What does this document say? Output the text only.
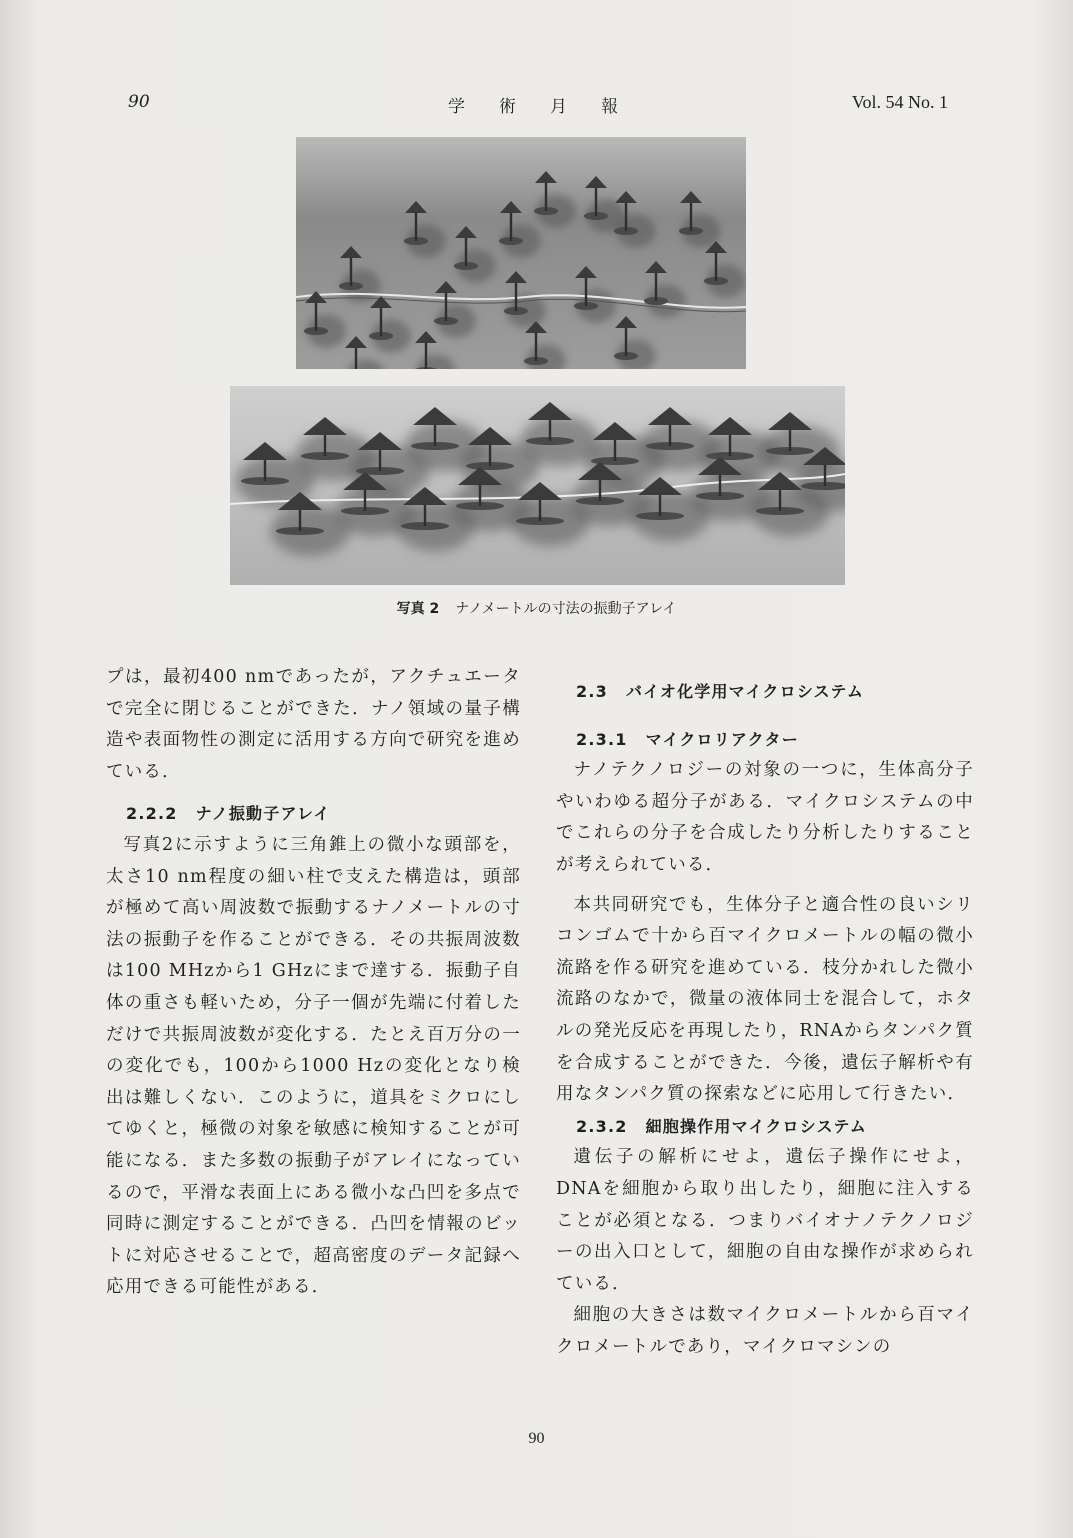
90	学術月報	Vol. 54 No. 1
写真 2 ナノメートルの寸法の振動子アレイ

プは，最初400 nmであったが，アクチュエータで完全に閉じることができた．ナノ領域の量子構造や表面物性の測定に活用する方向で研究を進めている．

2.2.2 ナノ振動子アレイ

写真2に示すように三角錐上の微小な頭部を，太さ10 nm程度の細い柱で支えた構造は，頭部が極めて高い周波数で振動するナノメートルの寸法の振動子を作ることができる．その共振周波数は100 MHzから1 GHzにまで達する．振動子自体の重さも軽いため，分子一個が先端に付着しただけで共振周波数が変化する．たとえ百万分の一の変化でも，100から1000 Hzの変化となり検出は難しくない．このように，道具をミクロにしてゆくと，極微の対象を敏感に検知することが可能になる．また多数の振動子がアレイになっているので，平滑な表面上にある微小な凸凹を多点で同時に測定することができる．凸凹を情報のビットに対応させることで，超高密度のデータ記録へ応用できる可能性がある．

2.3 バイオ化学用マイクロシステム

2.3.1 マイクロリアクター

ナノテクノロジーの対象の一つに，生体高分子やいわゆる超分子がある．マイクロシステムの中でこれらの分子を合成したり分析したりすることが考えられている．

本共同研究でも，生体分子と適合性の良いシリコンゴムで十から百マイクロメートルの幅の微小流路を作る研究を進めている．枝分かれした微小流路のなかで，微量の液体同士を混合して，ホタルの発光反応を再現したり，RNAからタンパク質を合成することができた．今後，遺伝子解析や有用なタンパク質の探索などに応用して行きたい．

2.3.2 細胞操作用マイクロシステム

遺伝子の解析にせよ，遺伝子操作にせよ，DNAを細胞から取り出したり，細胞に注入することが必須となる．つまりバイオナノテクノロジーの出入口として，細胞の自由な操作が求められている．

細胞の大きさは数マイクロメートルから百マイクロメートルであり，マイクロマシンの

90
